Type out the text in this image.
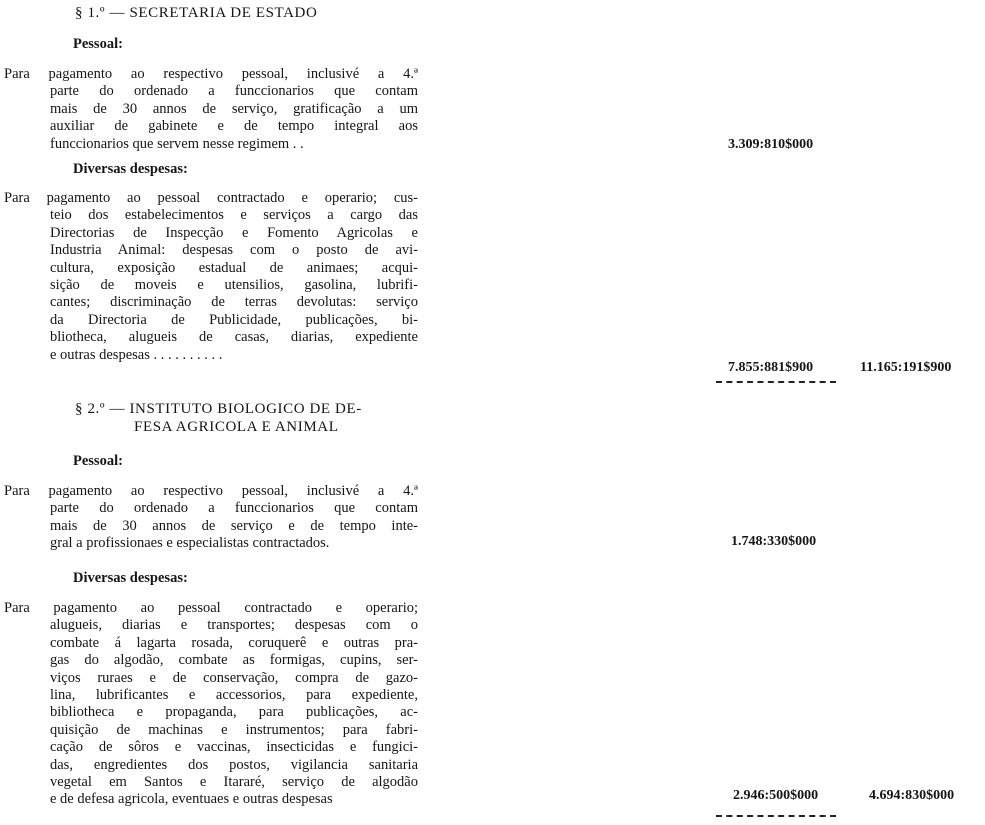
§ 1.º — SECRETARIA DE ESTADO
Pessoal:
Para pagamento ao respectivo pessoal, inclusivé a 4.ª
parte do ordenado a funccionarios que contam
mais de 30 annos de serviço, gratificação a um
auxiliar de gabinete e de tempo integral aos
funccionarios que servem nesse regimem . .	3.309:810$000
Diversas despesas:
Para pagamento ao pessoal contractado e operario; cus-
teio dos estabelecimentos e serviços a cargo das
Directorias de Inspecção e Fomento Agricolas e
Industria Animal: despesas com o posto de avi-
cultura, exposição estadual de animaes; acqui-
sição de moveis e utensilios, gasolina, lubrifi-
cantes; discriminação de terras devolutas: serviço
da Directoria de Publicidade, publicações, bi-
bliotheca, alugueis de casas, diarias, expediente
e outras despesas . . . . . . . . . .
7.855:881$900	11.165:191$900
§ 2.º — INSTITUTO BIOLOGICO DE DE-
FESA AGRICOLA E ANIMAL
Pessoal:
Para pagamento ao respectivo pessoal, inclusivé a 4.ª
parte do ordenado a funccionarios que contam
mais de 30 annos de serviço e de tempo inte-
gral a profissionaes e especialistas contractados.	1.748:330$000
Diversas despesas:
Para pagamento ao pessoal contractado e operario;
alugueis, diarias e transportes; despesas com o
combate á lagarta rosada, coruquerê e outras pra-
gas do algodão, combate as formigas, cupins, ser-
viços ruraes e de conservação, compra de gazo-
lina, lubrificantes e accessorios, para expediente,
bibliotheca e propaganda, para publicações, ac-
quisição de machinas e instrumentos; para fabri-
cação de sôros e vaccinas, insecticidas e fungici-
das, engredientes dos postos, vigilancia sanitaria
vegetal em Santos e Itararé, serviço de algodão
e de defesa agricola, eventuaes e outras despesas	2.946:500$000	4.694:830$000
